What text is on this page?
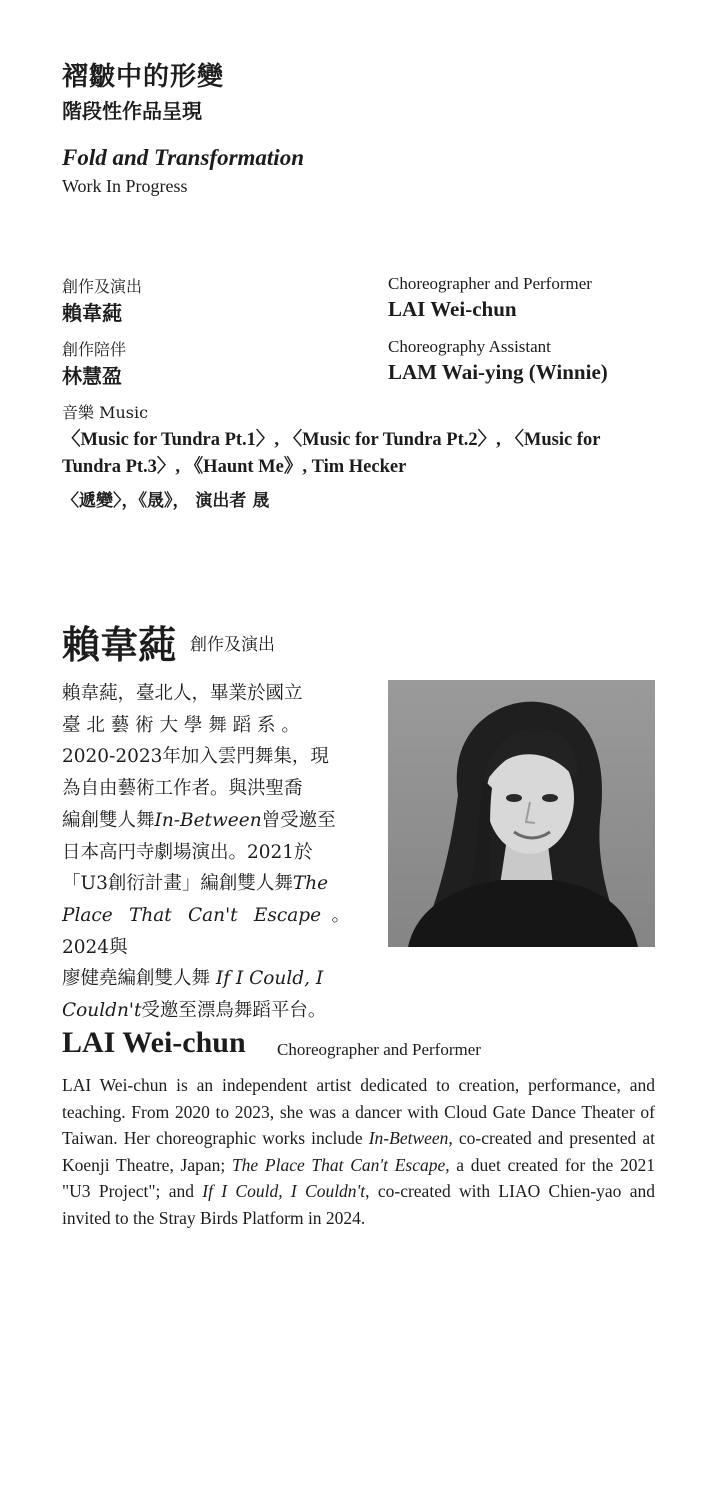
褶皺中的形變
階段性作品呈現
Fold and Transformation
Work In Progress
創作及演出
賴韋蒓
Choreographer and Performer
LAI Wei-chun
創作陪伴
林慧盈
Choreography Assistant
LAM Wai-ying (Winnie)
音樂 Music
〈Music for Tundra Pt.1〉, 〈Music for Tundra Pt.2〉, 〈Music for
Tundra Pt.3〉, 《Haunt Me》, Tim Hecker
〈遞變〉，《晟》， 演出者 晟
賴韋蒓 創作及演出
賴韋蒓，臺北人，畢業於國立
臺 北 藝 術 大 學 舞 蹈 系 。
2020-2023年加入雲門舞集，現
為自由藝術工作者。與洪聖喬
編創雙人舞In-Between曾受邀至
日本高円寺劇場演出。2021於
「U3創衍計畫」編創雙人舞The
Place That Can't Escape。2024與
廖健堯編創雙人舞 If I Could, I
Couldn't受邀至漂鳥舞蹈平台。
LAI Wei-chun Choreographer and Performer
LAI Wei-chun is an independent artist dedicated to creation, performance, and teaching. From 2020 to 2023, she was a dancer with Cloud Gate Dance Theater of Taiwan. Her choreographic works include In-Between, co-created and presented at Koenji Theatre, Japan; The Place That Can't Escape, a duet created for the 2021 "U3 Project"; and If I Could, I Couldn't, co-created with LIAO Chien-yao and invited to the Stray Birds Platform in 2024.
